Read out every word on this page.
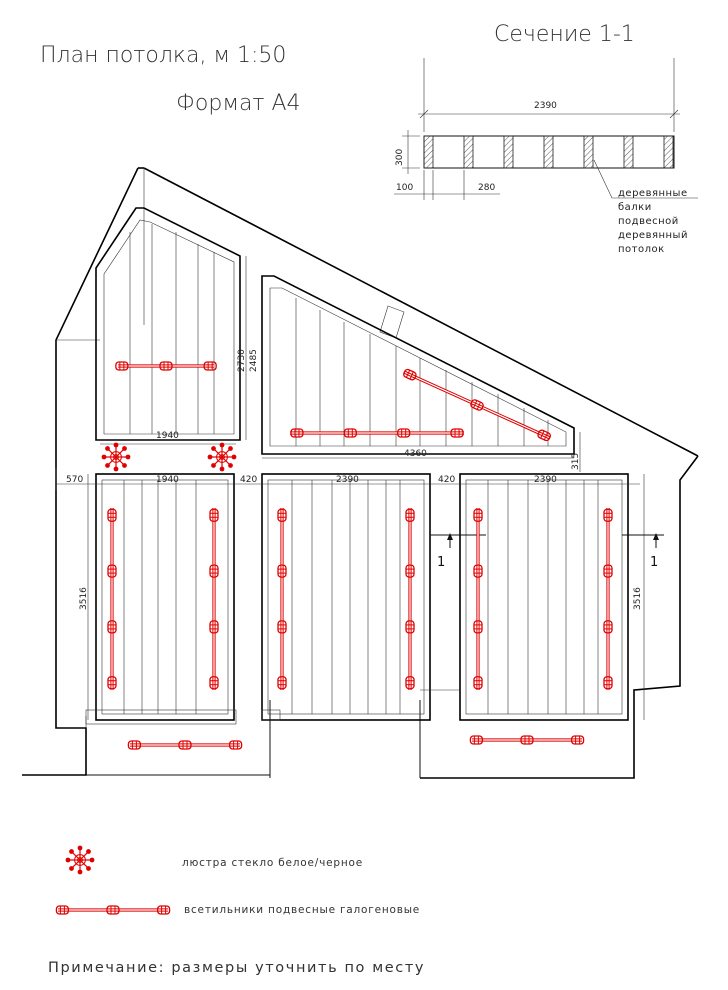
План потолка, м 1:50
Формат А4
Сечение 1-1
2390
300
100	280	деревянные
балки
подвесной
деревянный
потолок
1940
2730 2485
4360	315
570	1940	420	2390	420	2390
3516	3516
1	1
люстра стекло белое/черное
всетильники подвесные галогеновые
Примечание: размеры уточнить по месту
